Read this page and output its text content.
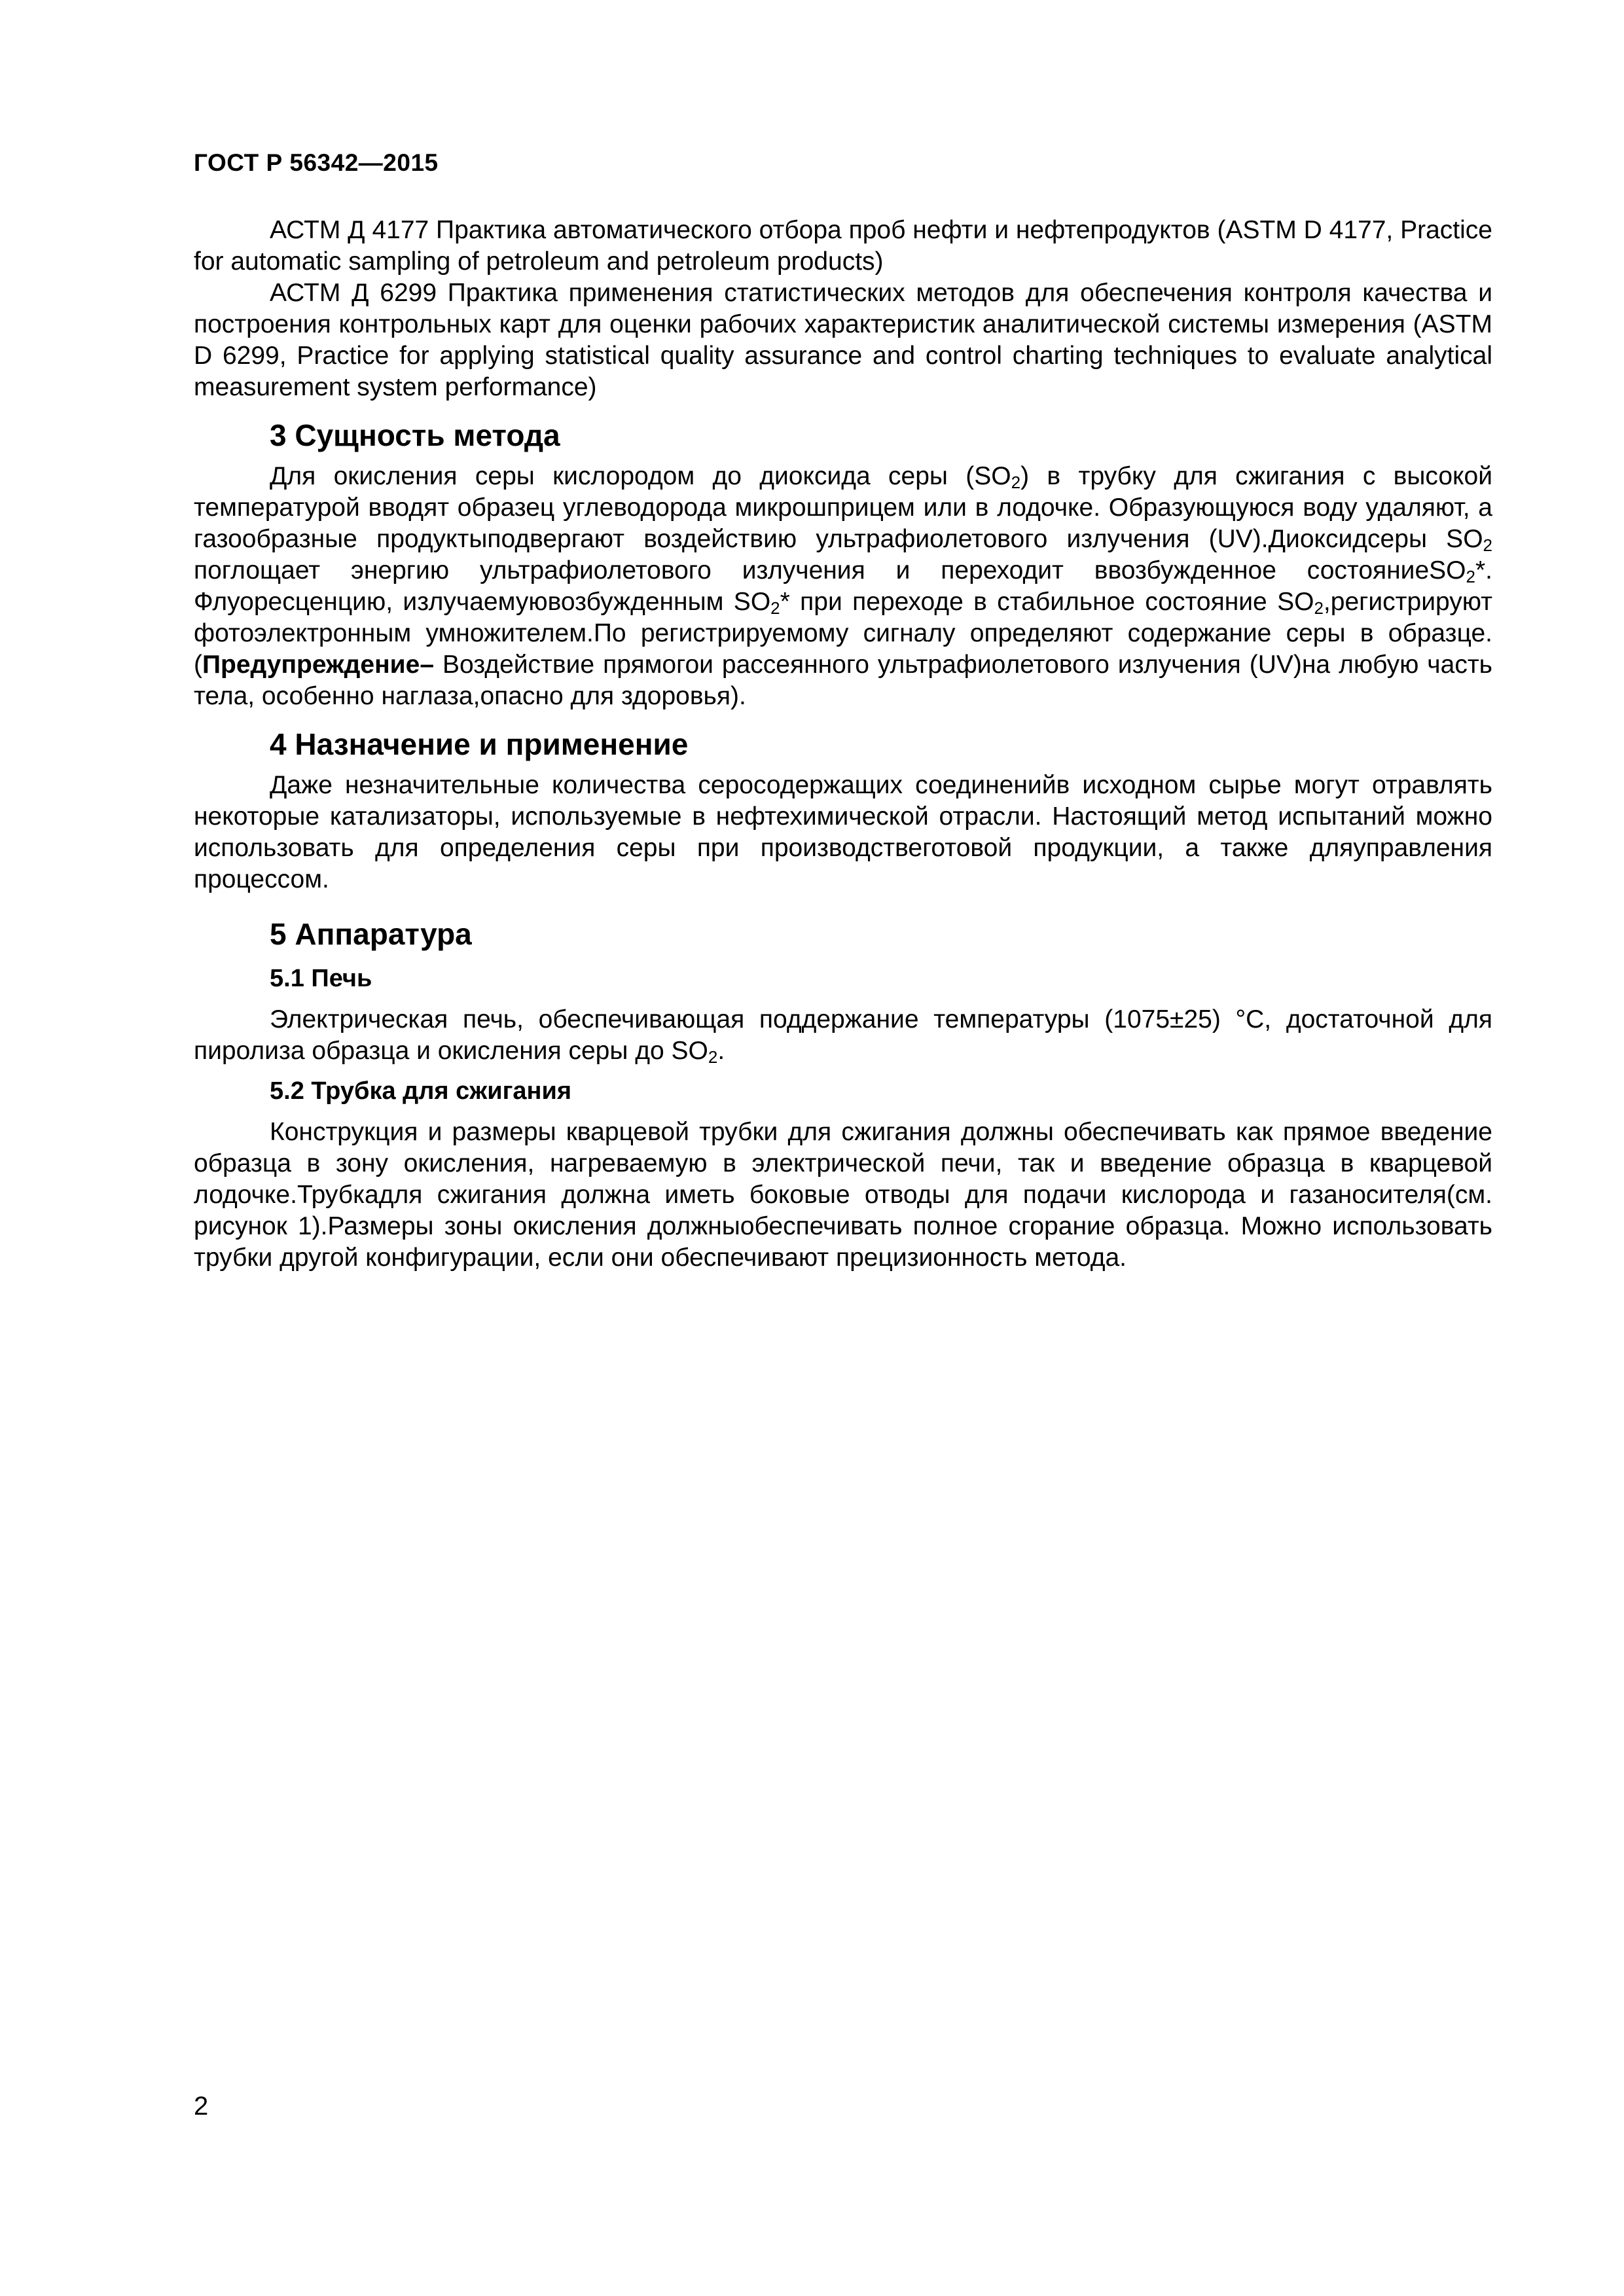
ГОСТ Р 56342—2015

АСТМ Д 4177 Практика автоматического отбора проб нефти и нефтепродуктов (ASTM D 4177, Practice for automatic sampling of petroleum and petroleum products)

АСТМ Д 6299 Практика применения статистических методов для обеспечения контроля качества и построения контрольных карт для оценки рабочих характеристик аналитической системы измерения (ASTM D 6299, Practice for applying statistical quality assurance and control charting techniques to evaluate analytical measurement system performance)

3 Сущность метода

Для окисления серы кислородом до диоксида серы $(SO_2)$ в трубку для сжигания с высокой температурой вводят образец углеводорода микрошприцем или в лодочке. Образующуюся воду удаляют, а газообразные продуктыподвергают воздействию ультрафиолетового излучения (UV).Диоксидсеры $SO_2$ поглощает энергию ультрафиолетового излучения и переходит ввозбужденное состояниеSO$_2$*. Флуоресценцию, излучаемуювозбужденным $SO_2*$ при переходе в стабильное состояние $SO_2,регистрируют$ фотоэлектронным умножителем.По регистрируемому сигналу определяют содержание серы в образце. (Предупреждение– Воздействие прямогои рассеянного ультрафиолетового излучения (UV)на любую часть тела, особенно наглаза,опасно для здоровья).

4 Назначение и применение

Даже незначительные количества серосодержащих соединенийв исходном сырье могут отравлять некоторые катализаторы, используемые в нефтехимической отрасли. Настоящий метод испытаний можно использовать для определения серы при производствеготовой продукции, а также дляуправления процессом.

5 Аппаратура
5.1 Печь

Электрическая печь, обеспечивающая поддержание температуры (1075±25) °C, достаточной для пиролиза образца и окисления серы до $SO_2$.

5.2 Трубка для сжигания

Конструкция и размеры кварцевой трубки для сжигания должны обеспечивать как прямое введение образца в зону окисления, нагреваемую в электрической печи, так и введение образца в кварцевой лодочке.Трубкадля сжигания должна иметь боковые отводы для подачи кислорода и газаносителя(см. рисунок 1).Размеры зоны окисления должныобеспечивать полное сгорание образца. Можно использовать трубки другой конфигурации, если они обеспечивают прецизионность метода.

2
